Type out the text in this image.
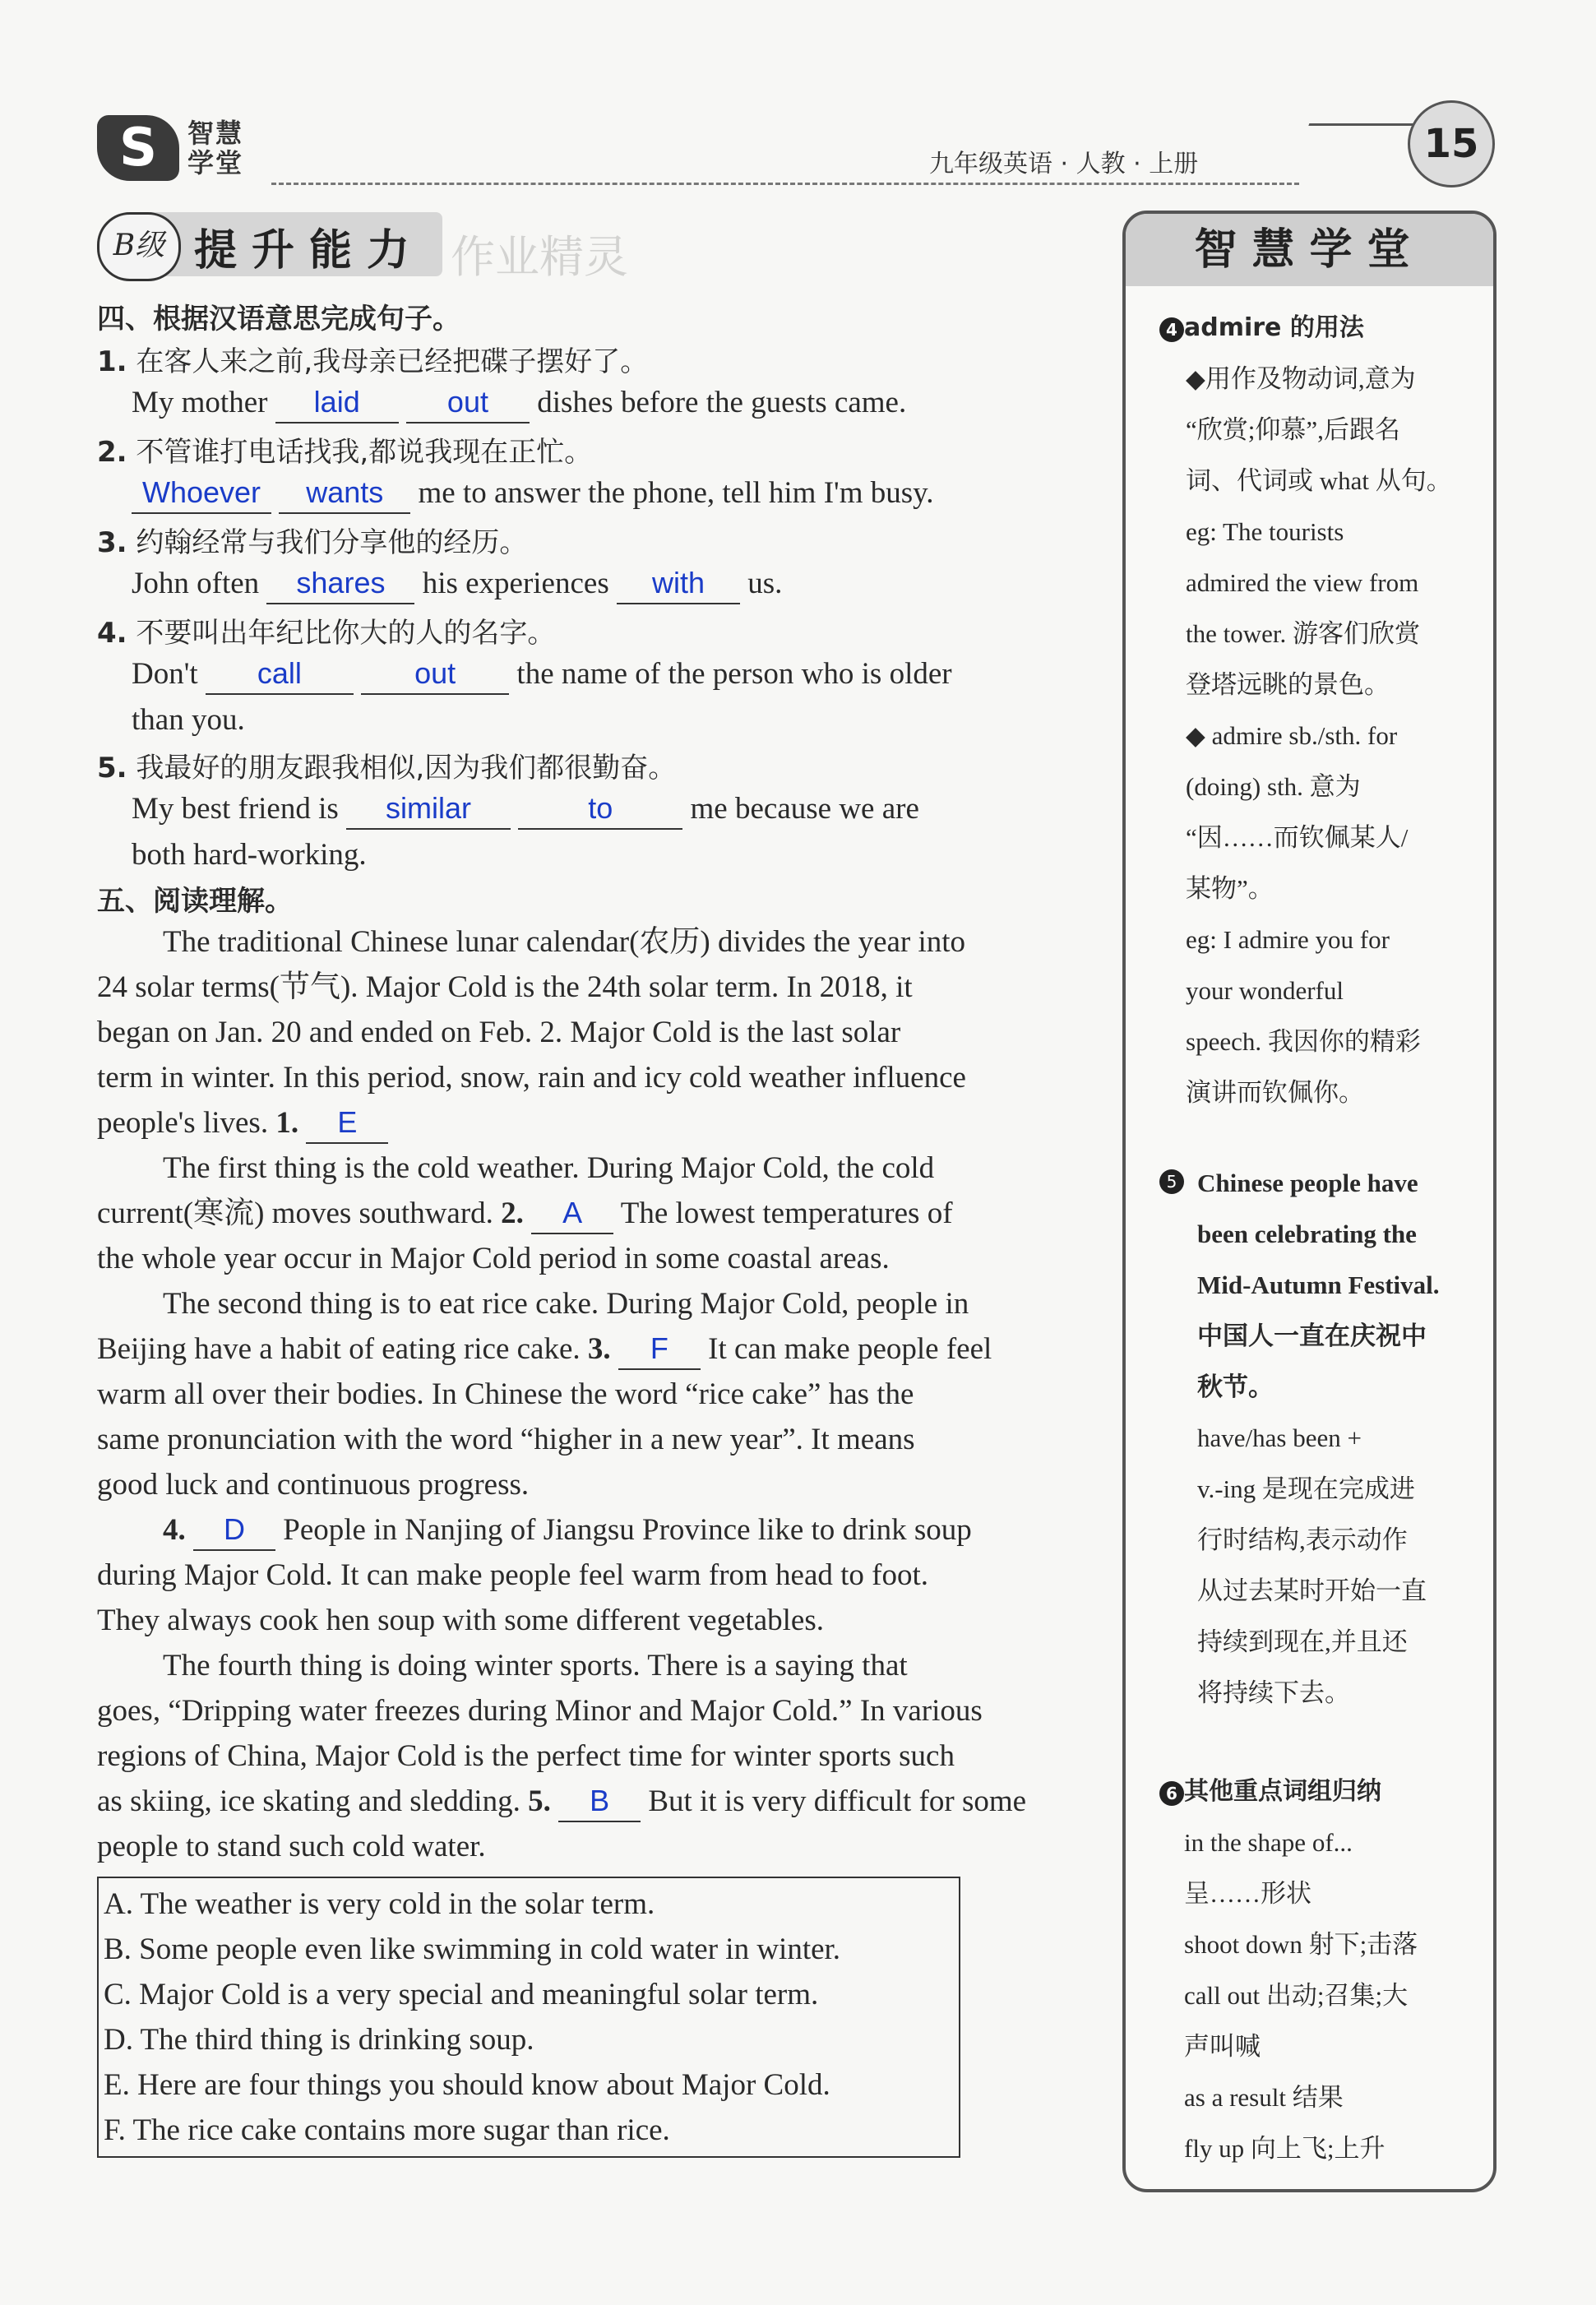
S	智慧学堂	九年级英语 · 人教 · 上册	15
B级 提升能力 作业精灵
四、根据汉语意思完成句子。
1. 在客人来之前,我母亲已经把碟子摆好了。
My mother laid	out dishes before the guests came.
2. 不管谁打电话找我,都说我现在正忙。
Whoever wants me to answer the phone, tell him I'm busy.
3. 约翰经常与我们分享他的经历。
John often shares his experiences with us.
4. 不要叫出年纪比你大的人的名字。
Don't call	out the name of the person who is older
than you.
5. 我最好的朋友跟我相似,因为我们都很勤奋。
My best friend is similar	to	me because we are
both hard-working.
五、阅读理解。
The traditional Chinese lunar calendar(农历) divides the year into
24 solar terms(节气). Major Cold is the 24th solar term. In 2018, it
began on Jan. 20 and ended on Feb. 2. Major Cold is the last solar
term in winter. In this period, snow, rain and icy cold weather influence
people's lives. 1. E
The first thing is the cold weather. During Major Cold, the cold
current(寒流) moves southward. 2. A The lowest temperatures of
the whole year occur in Major Cold period in some coastal areas.
The second thing is to eat rice cake. During Major Cold, people in
Beijing have a habit of eating rice cake. 3. F It can make people feel
warm all over their bodies. In Chinese the word “rice cake” has the
same pronunciation with the word “higher in a new year”. It means
good luck and continuous progress.
4. D People in Nanjing of Jiangsu Province like to drink soup
during Major Cold. It can make people feel warm from head to foot.
They always cook hen soup with some different vegetables.
The fourth thing is doing winter sports. There is a saying that
goes, “Dripping water freezes during Minor and Major Cold.” In various
regions of China, Major Cold is the perfect time for winter sports such
as skiing, ice skating and sledding. 5. B But it is very difficult for some
people to stand such cold water.
A. The weather is very cold in the solar term.
B. Some people even like swimming in cold water in winter.
C. Major Cold is a very special and meaningful solar term.
D. The third thing is drinking soup.
E. Here are four things you should know about Major Cold.
F. The rice cake contains more sugar than rice.
智慧学堂
4 admire 的用法
◆用作及物动词,意为
“欣赏;仰慕”,后跟名
词、代词或 what 从句。
eg: The tourists
admired the view from
the tower. 游客们欣赏
登塔远眺的景色。
◆ admire sb./sth. for
(doing) sth. 意为
“因……而钦佩某人/
某物”。
eg: I admire you for
your wonderful
speech. 我因你的精彩
演讲而钦佩你。
5 Chinese people have
been celebrating the
Mid-Autumn Festival.
中国人一直在庆祝中
秋节。
have/has been +
v.-ing 是现在完成进
行时结构,表示动作
从过去某时开始一直
持续到现在,并且还
将持续下去。
6 其他重点词组归纳
in the shape of...
呈……形状
shoot down 射下;击落
call out 出动;召集;大
声叫喊
as a result 结果
fly up 向上飞;上升
